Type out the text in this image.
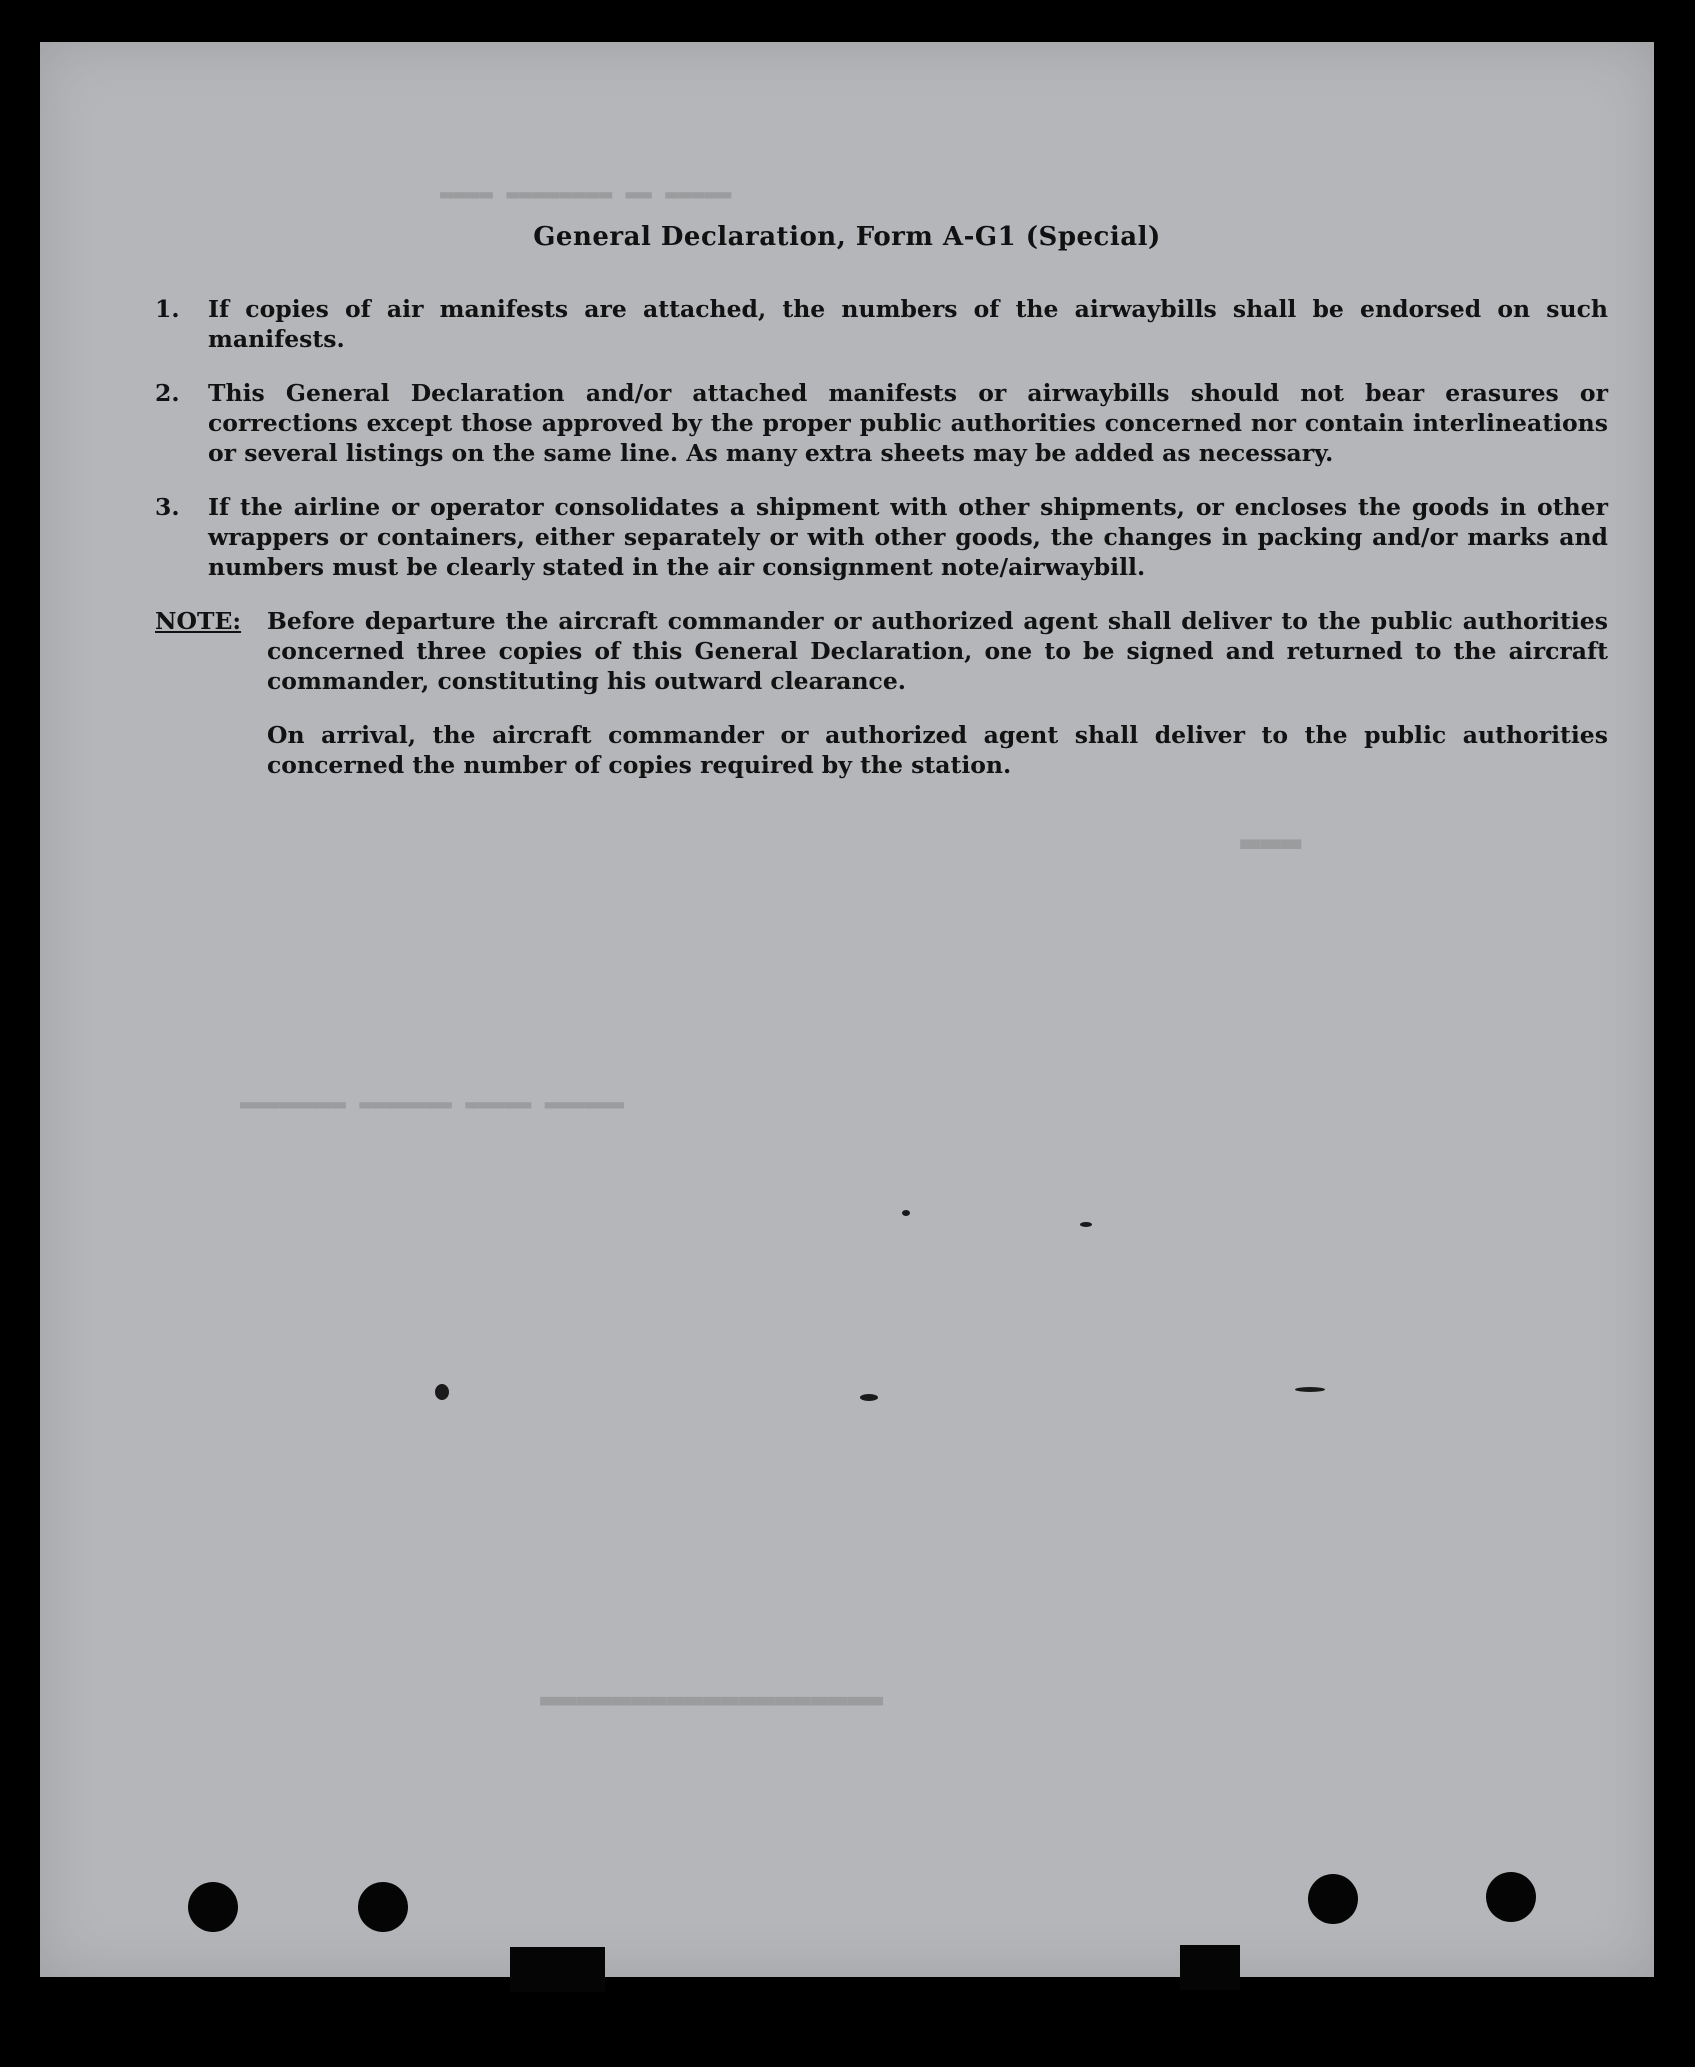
▬▬▬▬▬ ▬▬ ▬▬▬▬▬▬▬▬ ▬▬▬▬
▬▬▬
▬▬▬▬▬▬ ▬▬▬▬▬ ▬▬▬▬▬▬▬ ▬▬▬▬▬▬▬▬
▬▬▬▬▬▬▬▬▬▬▬▬▬▬▬▬▬▬▬
General Declaration, Form A-G1 (Special)
1.	If copies of air manifests are attached, the numbers of the airwaybills shall be endorsed on such manifests.
2.	This General Declaration and/or attached manifests or airwaybills should not bear erasures or corrections except those approved by the proper public authorities concerned nor contain interlineations or several listings on the same line. As many extra sheets may be added as necessary.
3.	If the airline or operator consolidates a shipment with other shipments, or encloses the goods in other wrappers or containers, either separately or with other goods, the changes in packing and/or marks and numbers must be clearly stated in the air consignment note/airwaybill.
NOTE:	Before departure the aircraft commander or authorized agent shall deliver to the public authorities concerned three copies of this General Declaration, one to be signed and returned to the aircraft commander, constituting his outward clearance.
On arrival, the aircraft commander or authorized agent shall deliver to the public authorities concerned the number of copies required by the station.
